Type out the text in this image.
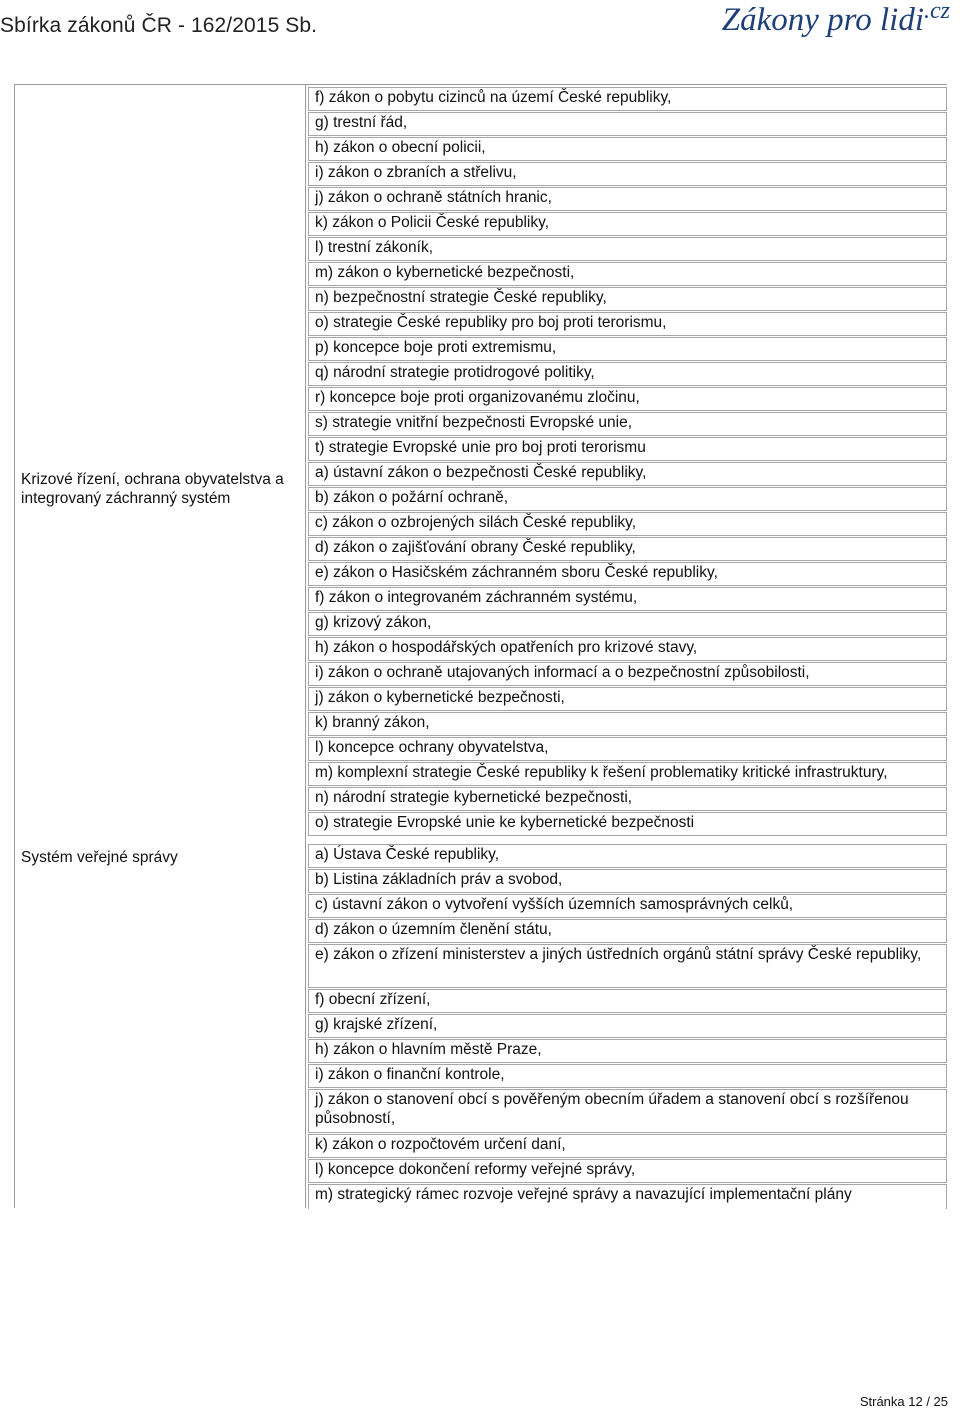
Sbírka zákonů ČR - 162/2015 Sb.	Zákony pro lidi$^{.cz}$
Krizové řízení, ochrana obyvatelstva a integrovaný záchranný systém
Systém veřejné správy
f) zákon o pobytu cizinců na území České republiky,
g) trestní řád,
h) zákon o obecní policii,
i) zákon o zbraních a střelivu,
j) zákon o ochraně státních hranic,
k) zákon o Policii České republiky,
l) trestní zákoník,
m) zákon o kybernetické bezpečnosti,
n) bezpečnostní strategie České republiky,
o) strategie České republiky pro boj proti terorismu,
p) koncepce boje proti extremismu,
q) národní strategie protidrogové politiky,
r) koncepce boje proti organizovanému zločinu,
s) strategie vnitřní bezpečnosti Evropské unie,
t) strategie Evropské unie pro boj proti terorismu
a) ústavní zákon o bezpečnosti České republiky,
b) zákon o požární ochraně,
c) zákon o ozbrojených silách České republiky,
d) zákon o zajišťování obrany České republiky,
e) zákon o Hasičském záchranném sboru České republiky,
f) zákon o integrovaném záchranném systému,
g) krizový zákon,
h) zákon o hospodářských opatřeních pro krizové stavy,
i) zákon o ochraně utajovaných informací a o bezpečnostní způsobilosti,
j) zákon o kybernetické bezpečnosti,
k) branný zákon,
l) koncepce ochrany obyvatelstva,
m) komplexní strategie České republiky k řešení problematiky kritické infrastruktury,
n) národní strategie kybernetické bezpečnosti,
o) strategie Evropské unie ke kybernetické bezpečnosti
a) Ústava České republiky,
b) Listina základních práv a svobod,
c) ústavní zákon o vytvoření vyšších územních samosprávných celků,
d) zákon o územním členění státu,
e) zákon o zřízení ministerstev a jiných ústředních orgánů státní správy České republiky,
f) obecní zřízení,
g) krajské zřízení,
h) zákon o hlavním městě Praze,
i) zákon o finanční kontrole,
j) zákon o stanovení obcí s pověřeným obecním úřadem a stanovení obcí s rozšířenou působností,
k) zákon o rozpočtovém určení daní,
l) koncepce dokončení reformy veřejné správy,
m) strategický rámec rozvoje veřejné správy a navazující implementační plány
Stránka 12 / 25
